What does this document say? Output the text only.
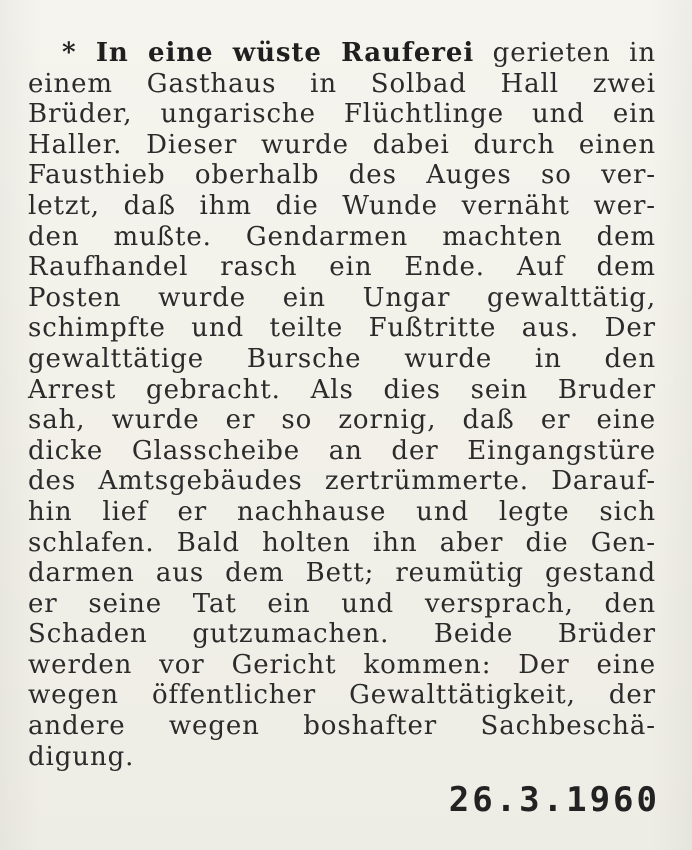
* In eine wüste Rauferei gerieten in
einem Gasthaus in Solbad Hall zwei
Brüder, ungarische Flüchtlinge und ein
Haller. Dieser wurde dabei durch einen
Fausthieb oberhalb des Auges so ver-
letzt, daß ihm die Wunde vernäht wer-
den mußte. Gendarmen machten dem
Raufhandel rasch ein Ende. Auf dem
Posten wurde ein Ungar gewalttätig,
schimpfte und teilte Fußtritte aus. Der
gewalttätige Bursche wurde in den
Arrest gebracht. Als dies sein Bruder
sah, wurde er so zornig, daß er eine
dicke Glasscheibe an der Eingangstüre
des Amtsgebäudes zertrümmerte. Darauf-
hin lief er nachhause und legte sich
schlafen. Bald holten ihn aber die Gen-
darmen aus dem Bett; reumütig gestand
er seine Tat ein und versprach, den
Schaden gutzumachen. Beide Brüder
werden vor Gericht kommen: Der eine
wegen öffentlicher Gewalttätigkeit, der
andere wegen boshafter Sachbeschä-
digung.
26.3.1960
